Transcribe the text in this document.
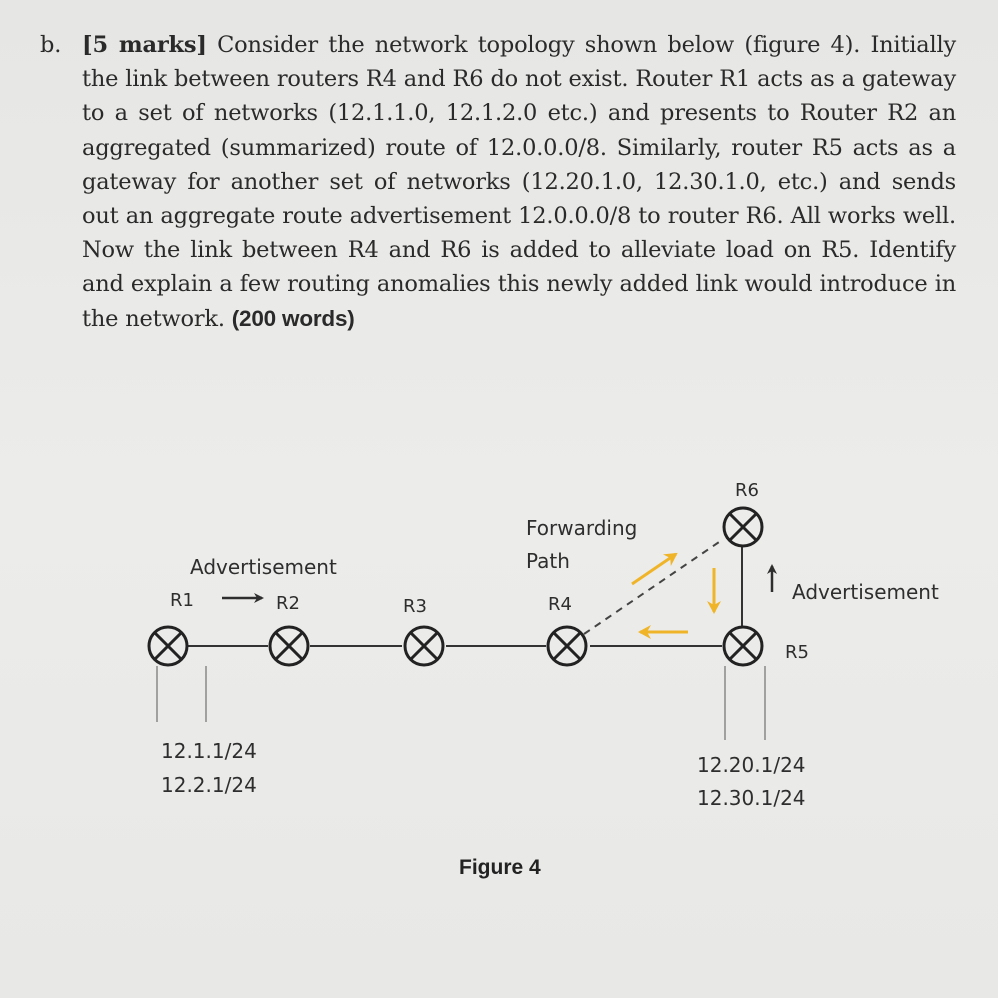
b. [5 marks] Consider the network topology shown below (figure 4). Initially the link between routers R4 and R6 do not exist. Router R1 acts as a gateway to a set of networks (12.1.1.0, 12.1.2.0 etc.) and presents to Router R2 an aggregated (summarized) route of 12.0.0.0/8. Similarly, router R5 acts as a gateway for another set of networks (12.20.1.0, 12.30.1.0, etc.) and sends out an aggregate route advertisement 12.0.0.0/8 to router R6. All works well. Now the link between R4 and R6 is added to alleviate load on R5. Identify and explain a few routing anomalies this newly added link would introduce in the network. (200 words)
Advertisement
R1	R2	R3	R4
R5
R6
Forwarding
Path
Advertisement
12.1.1/24
12.2.1/24
12.20.1/24
12.30.1/24
Figure 4
